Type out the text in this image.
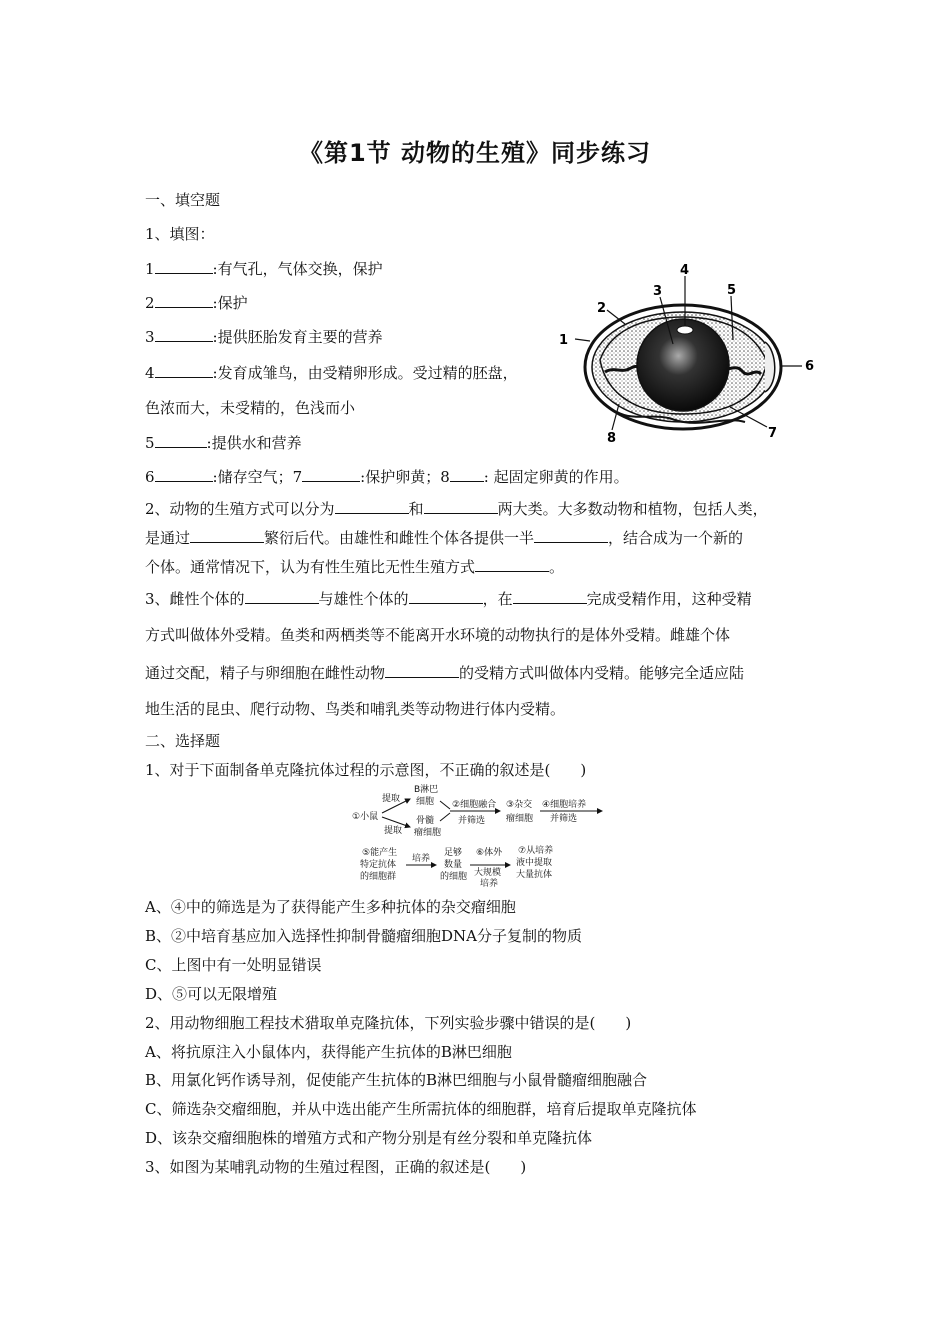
《第1节 动物的生殖》同步练习
一、填空题
1、填图：
1	:有气孔，气体交换，保护
2	:保护
3	:提供胚胎发育主要的营养
4	:发育成雏鸟，由受精卵形成。受过精的胚盘，
色浓而大，未受精的，色浅而小
5	:提供水和营养
6	:储存空气；7	:保护卵黄；8 : 起固定卵黄的作用。
1
2
3
4
5
6
7
8
2、动物的生殖方式可以分为	和	两大类。大多数动物和植物，包括人类，
是通过	繁衍后代。由雄性和雌性个体各提供一半	，结合成为一个新的
个体。通常情况下，认为有性生殖比无性生殖方式	。
3、雌性个体的	与雄性个体的	，在	完成受精作用，这种受精
方式叫做体外受精。鱼类和两栖类等不能离开水环境的动物执行的是体外受精。雌雄个体
通过交配，精子与卵细胞在雌性动物	的受精方式叫做体内受精。能够完全适应陆
地生活的昆虫、爬行动物、鸟类和哺乳类等动物进行体内受精。
二、选择题
1、对于下面制备单克隆抗体过程的示意图，不正确的叙述是(　　)
①小鼠
提取
提取
B淋巴
细胞
骨髓
瘤细胞
②细胞融合
并筛选
③杂交
瘤细胞
④细胞培养
并筛选
⑤能产生
特定抗体
的细胞群
培养
足够
数量
的细胞
⑥体外
大规模
培养
⑦从培养
液中提取
大量抗体
A、④中的筛选是为了获得能产生多种抗体的杂交瘤细胞
B、②中培育基应加入选择性抑制骨髓瘤细胞DNA分子复制的物质
C、上图中有一处明显错误
D、⑤可以无限增殖
2、用动物细胞工程技术猎取单克隆抗体，下列实验步骤中错误的是(　　)
A、将抗原注入小鼠体内，获得能产生抗体的B淋巴细胞
B、用氯化钙作诱导剂，促使能产生抗体的B淋巴细胞与小鼠骨髓瘤细胞融合
C、筛选杂交瘤细胞，并从中选出能产生所需抗体的细胞群，培育后提取单克隆抗体
D、该杂交瘤细胞株的增殖方式和产物分别是有丝分裂和单克隆抗体
3、如图为某哺乳动物的生殖过程图，正确的叙述是(　　)
